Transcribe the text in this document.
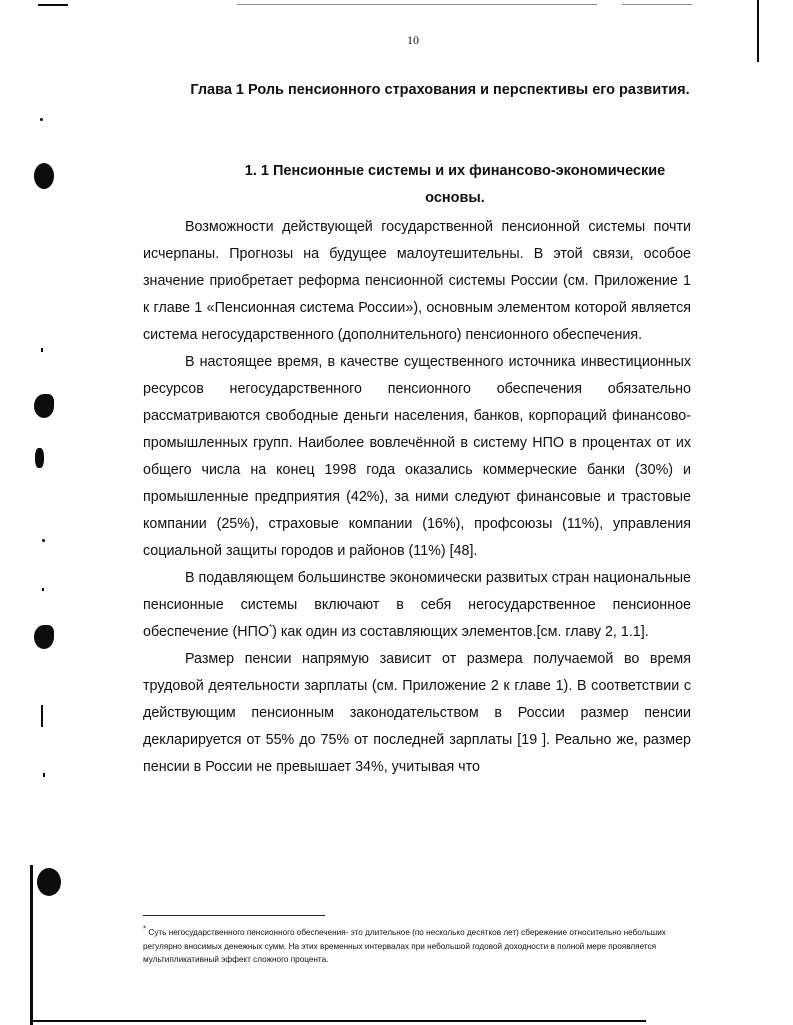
10
Глава 1 Роль пенсионного страхования и перспективы его развития.
1. 1 Пенсионные системы и их финансово-экономические основы.

Возможности действующей государственной пенсионной системы почти исчерпаны. Прогнозы на будущее малоутешительны. В этой связи, особое значение приобретает реформа пенсионной системы России (см. Приложение 1 к главе 1 «Пенсионная система России»), основным элементом которой является система негосударственного (дополнительного) пенсионного обеспечения.

В настоящее время, в качестве существенного источника инвестиционных ресурсов негосударственного пенсионного обеспечения обязательно рассматриваются свободные деньги населения, банков, корпораций финансово-промышленных групп. Наиболее вовлечённой в систему НПО в процентах от их общего числа на конец 1998 года оказались коммерческие банки (30%) и промышленные предприятия (42%), за ними следуют финансовые и трастовые компании (25%), страховые компании (16%), профсоюзы (11%), управления социальной защиты городов и районов (11%) [48].

В подавляющем большинстве экономически развитых стран национальные пенсионные системы включают в себя негосударственное пенсионное обеспечение (НПО*) как один из составляющих элементов.[см. главу 2, 1.1].

Размер пенсии напрямую зависит от размера получаемой во время трудовой деятельности зарплаты (см. Приложение 2 к главе 1). В соответствии с действующим пенсионным законодательством в России размер пенсии декларируется от 55% до 75% от последней зарплаты [19 ]. Реально же, размер пенсии в России не превышает 34%, учитывая что

* Суть негосударственного пенсионного обеспечения- это длительное (по несколько десятков лет) сбережение относительно небольших регулярно вносимых денежных сумм. На этих временных интервалах при небольшой годовой доходности в полной мере проявляется мультипликативный эффект сложного процента.
